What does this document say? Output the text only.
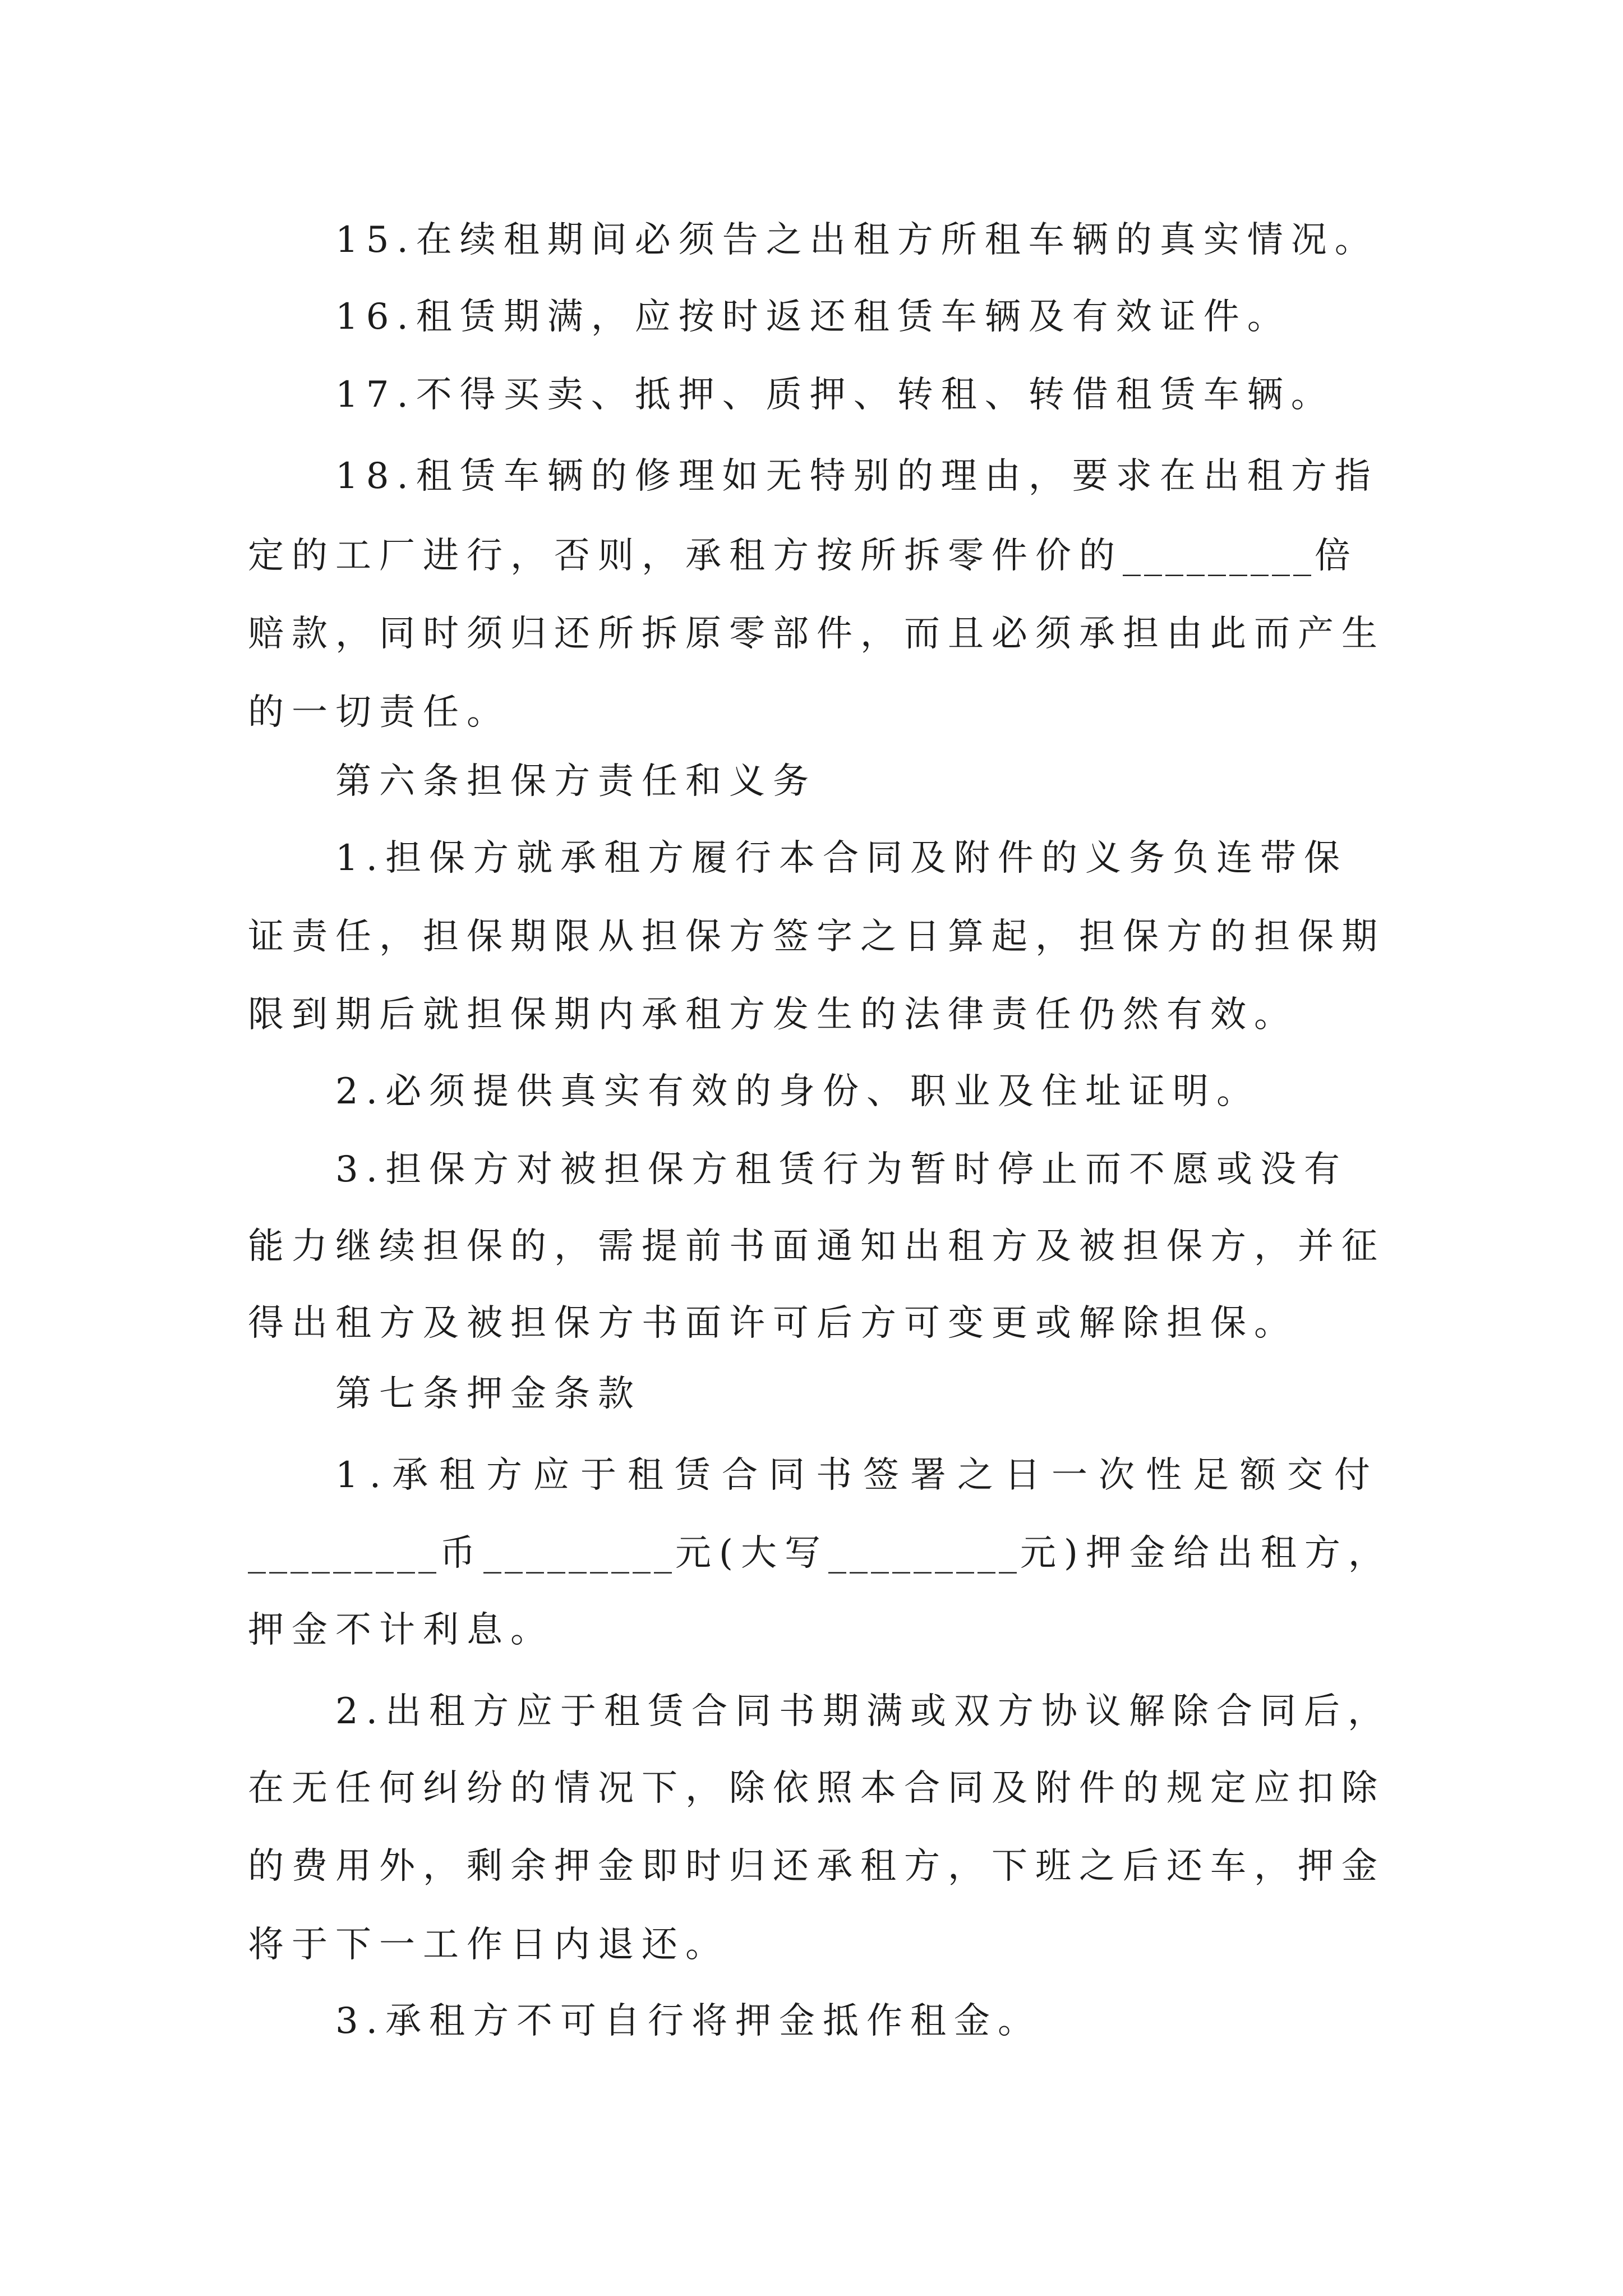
15.在续租期间必须告之出租方所租车辆的真实情况。
16.租赁期满，应按时返还租赁车辆及有效证件。
17.不得买卖、抵押、质押、转租、转借租赁车辆。
18.租赁车辆的修理如无特别的理由，要求在出租方指
定的工厂进行，否则，承租方按所拆零件价的_________倍
赔款，同时须归还所拆原零部件，而且必须承担由此而产生
的一切责任。
第六条担保方责任和义务
1.担保方就承租方履行本合同及附件的义务负连带保
证责任，担保期限从担保方签字之日算起，担保方的担保期
限到期后就担保期内承租方发生的法律责任仍然有效。
2.必须提供真实有效的身份、职业及住址证明。
3.担保方对被担保方租赁行为暂时停止而不愿或没有
能力继续担保的，需提前书面通知出租方及被担保方，并征
得出租方及被担保方书面许可后方可变更或解除担保。
第七条押金条款
1.承租方应于租赁合同书签署之日一次性足额交付
_________币_________元(大写_________元)押金给出租方，
押金不计利息。
2.出租方应于租赁合同书期满或双方协议解除合同后，
在无任何纠纷的情况下，除依照本合同及附件的规定应扣除
的费用外，剩余押金即时归还承租方，下班之后还车，押金
将于下一工作日内退还。
3.承租方不可自行将押金抵作租金。
